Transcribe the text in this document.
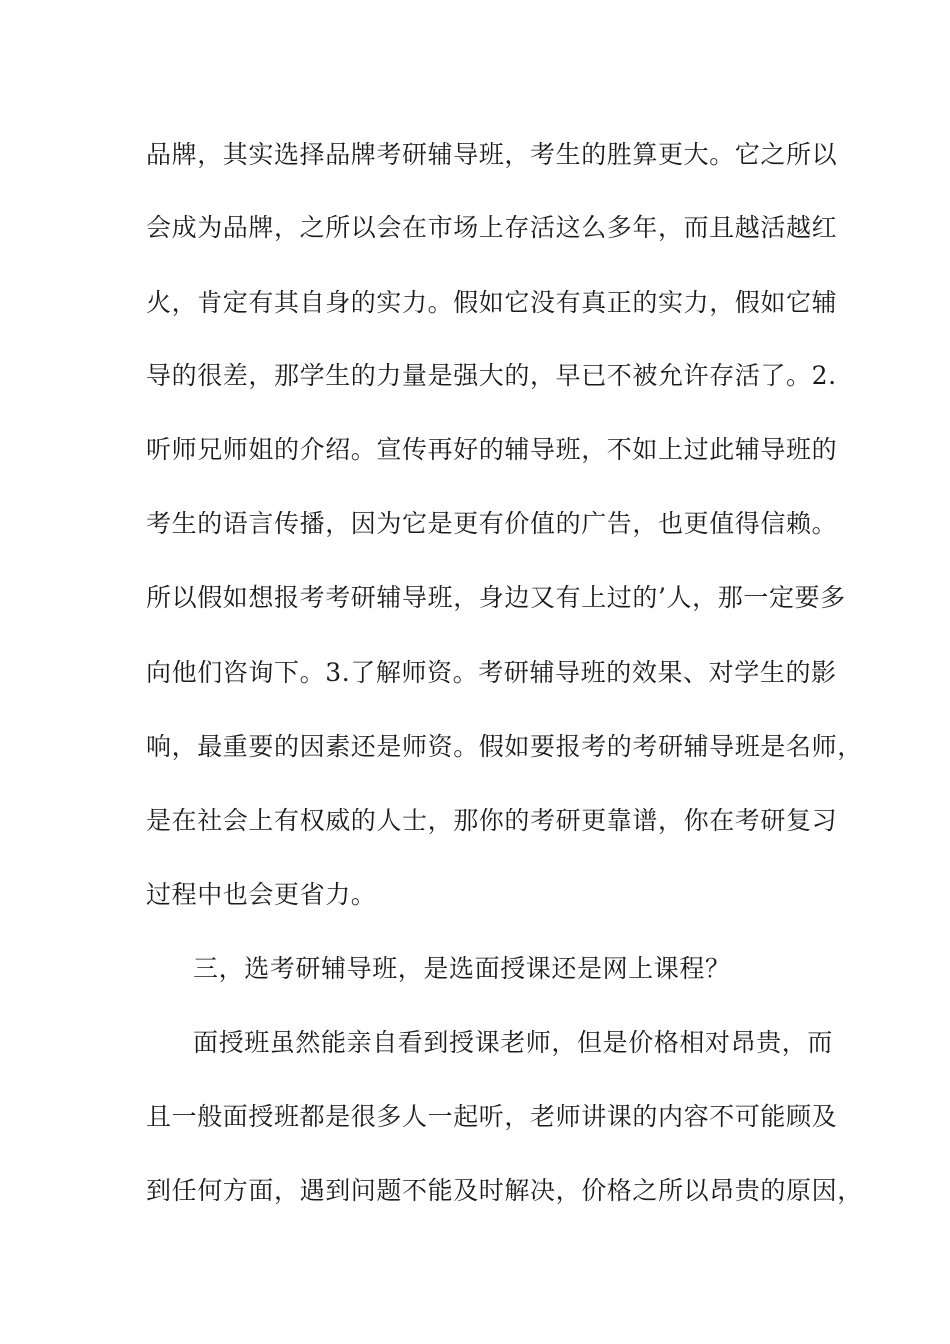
品牌，其实选择品牌考研辅导班，考生的胜算更大。它之所以
会成为品牌，之所以会在市场上存活这么多年，而且越活越红
火，肯定有其自身的实力。假如它没有真正的实力，假如它辅
导的很差，那学生的力量是强大的，早已不被允许存活了。2.
听师兄师姐的介绍。宣传再好的辅导班，不如上过此辅导班的
考生的语言传播，因为它是更有价值的广告，也更值得信赖。
所以假如想报考考研辅导班，身边又有上过的’人，那一定要多
向他们咨询下。3.了解师资。考研辅导班的效果、对学生的影
响，最重要的因素还是师资。假如要报考的考研辅导班是名师，
是在社会上有权威的人士，那你的考研更靠谱，你在考研复习
过程中也会更省力。
三，选考研辅导班，是选面授课还是网上课程？
面授班虽然能亲自看到授课老师，但是价格相对昂贵，而
且一般面授班都是很多人一起听，老师讲课的内容不可能顾及
到任何方面，遇到问题不能及时解决，价格之所以昂贵的原因，
